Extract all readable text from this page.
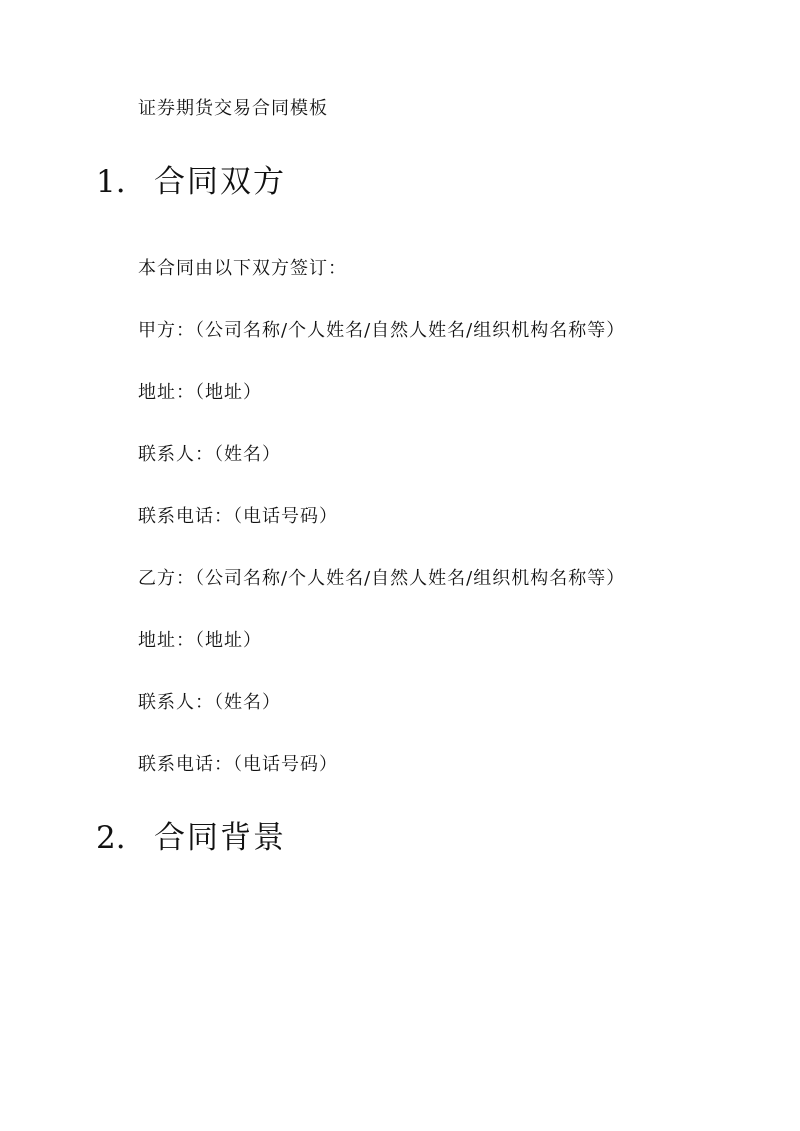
证券期货交易合同模板
1. 合同双方
本合同由以下双方签订：
甲方：（公司名称/个人姓名/自然人姓名/组织机构名称等）
地址：（地址）
联系人：（姓名）
联系电话：（电话号码）
乙方：（公司名称/个人姓名/自然人姓名/组织机构名称等）
地址：（地址）
联系人：（姓名）
联系电话：（电话号码）
2. 合同背景
